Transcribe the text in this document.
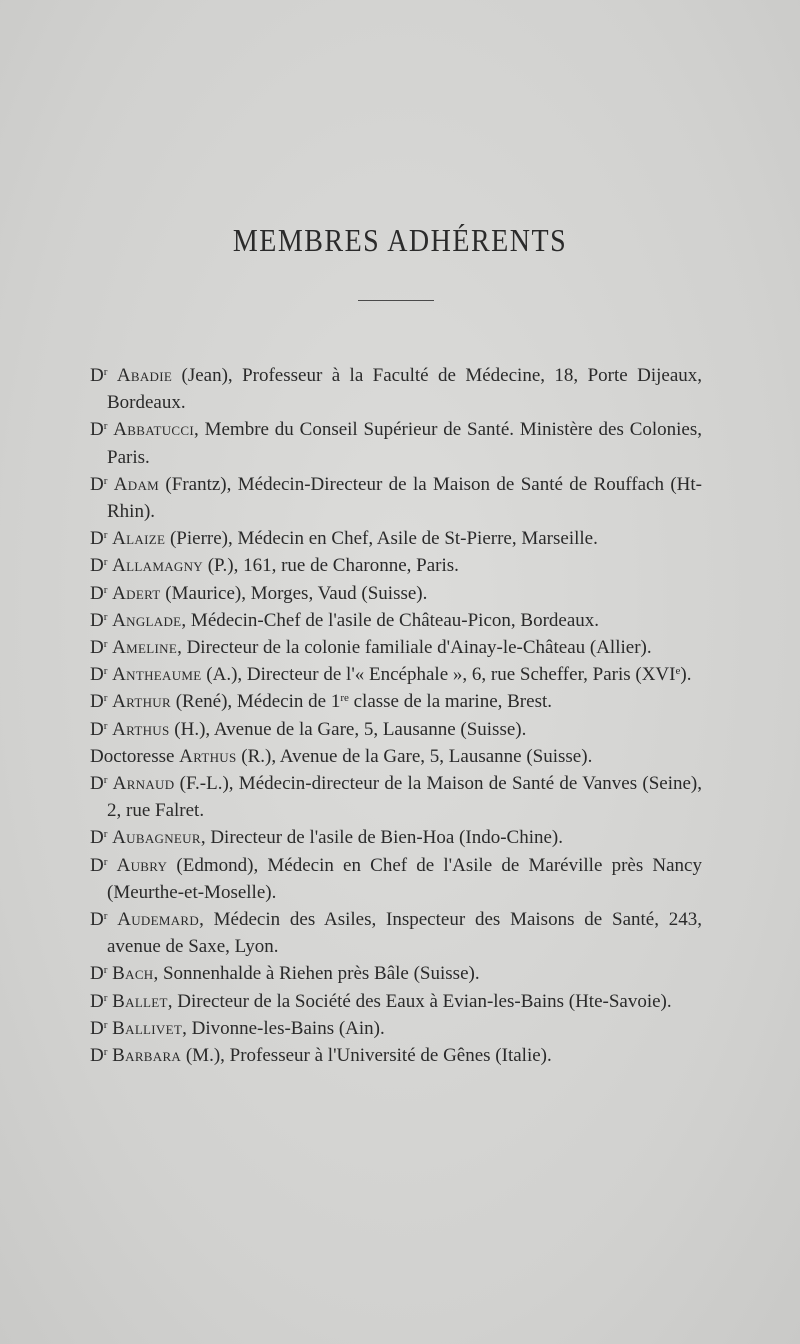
MEMBRES ADHÉRENTS
$D^r$ Abadie (Jean), Professeur à la Faculté de Médecine, 18, Porte Dijeaux, Bordeaux.
$D^r$ Abbatucci, Membre du Conseil Supérieur de Santé. Ministère des Colonies, Paris.
$D^r$ Adam (Frantz), Médecin-Directeur de la Maison de Santé de Rouffach (Ht-Rhin).
$D^r$ Alaize (Pierre), Médecin en Chef, Asile de St-Pierre, Marseille.
$D^r$ Allamagny (P.), 161, rue de Charonne, Paris.
$D^r$ Adert (Maurice), Morges, Vaud (Suisse).
$D^r$ Anglade, Médecin-Chef de l'asile de Château-Picon, Bordeaux.
$D^r$ Ameline, Directeur de la colonie familiale d'Ainay-le-Château (Allier).
$D^r$ Antheaume (A.), Directeur de l'« Encéphale », 6, rue Scheffer, Paris (XVIe).
$D^r$ Arthur (René), Médecin de 1re classe de la marine, Brest.
$D^r$ Arthus (H.), Avenue de la Gare, 5, Lausanne (Suisse).
Doctoresse Arthus (R.), Avenue de la Gare, 5, Lausanne (Suisse).
$D^r$ Arnaud (F.-L.), Médecin-directeur de la Maison de Santé de Vanves (Seine), 2, rue Falret.
$D^r$ Aubagneur, Directeur de l'asile de Bien-Hoa (Indo-Chine).
$D^r$ Aubry (Edmond), Médecin en Chef de l'Asile de Maréville près Nancy (Meurthe-et-Moselle).
$D^r$ Audemard, Médecin des Asiles, Inspecteur des Maisons de Santé, 243, avenue de Saxe, Lyon.
$D^r$ Bach, Sonnenhalde à Riehen près Bâle (Suisse).
$D^r$ Ballet, Directeur de la Société des Eaux à Evian-les-Bains (Hte-Savoie).
$D^r$ Ballivet, Divonne-les-Bains (Ain).
$D^r$ Barbara (M.), Professeur à l'Université de Gênes (Italie).
